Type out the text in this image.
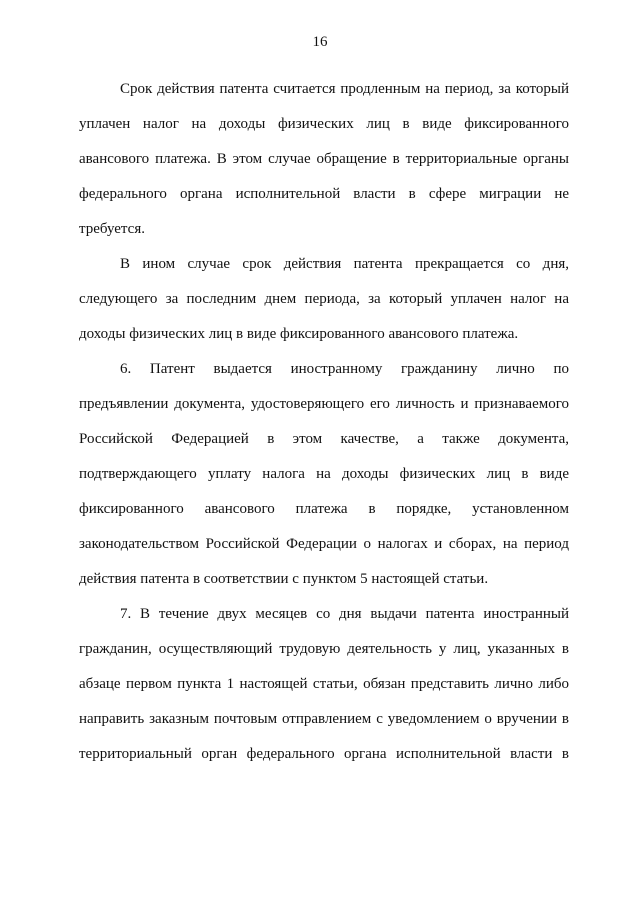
16
Срок действия патента считается продленным на период, за который
уплачен налог на доходы физических лиц в виде фиксированного
авансового платежа. В этом случае обращение в территориальные органы
федерального органа исполнительной власти в сфере миграции не
требуется.
В ином случае срок действия патента прекращается со дня,
следующего за последним днем периода, за который уплачен налог на
доходы физических лиц в виде фиксированного авансового платежа.
6. Патент выдается иностранному гражданину лично по
предъявлении документа, удостоверяющего его личность и признаваемого
Российской Федерацией в этом качестве, а также документа,
подтверждающего уплату налога на доходы физических лиц в виде
фиксированного авансового платежа в порядке, установленном
законодательством Российской Федерации о налогах и сборах, на период
действия патента в соответствии с пунктом 5 настоящей статьи.
7. В течение двух месяцев со дня выдачи патента иностранный
гражданин, осуществляющий трудовую деятельность у лиц, указанных в
абзаце первом пункта 1 настоящей статьи, обязан представить лично либо
направить заказным почтовым отправлением с уведомлением о вручении в
территориальный орган федерального органа исполнительной власти в
